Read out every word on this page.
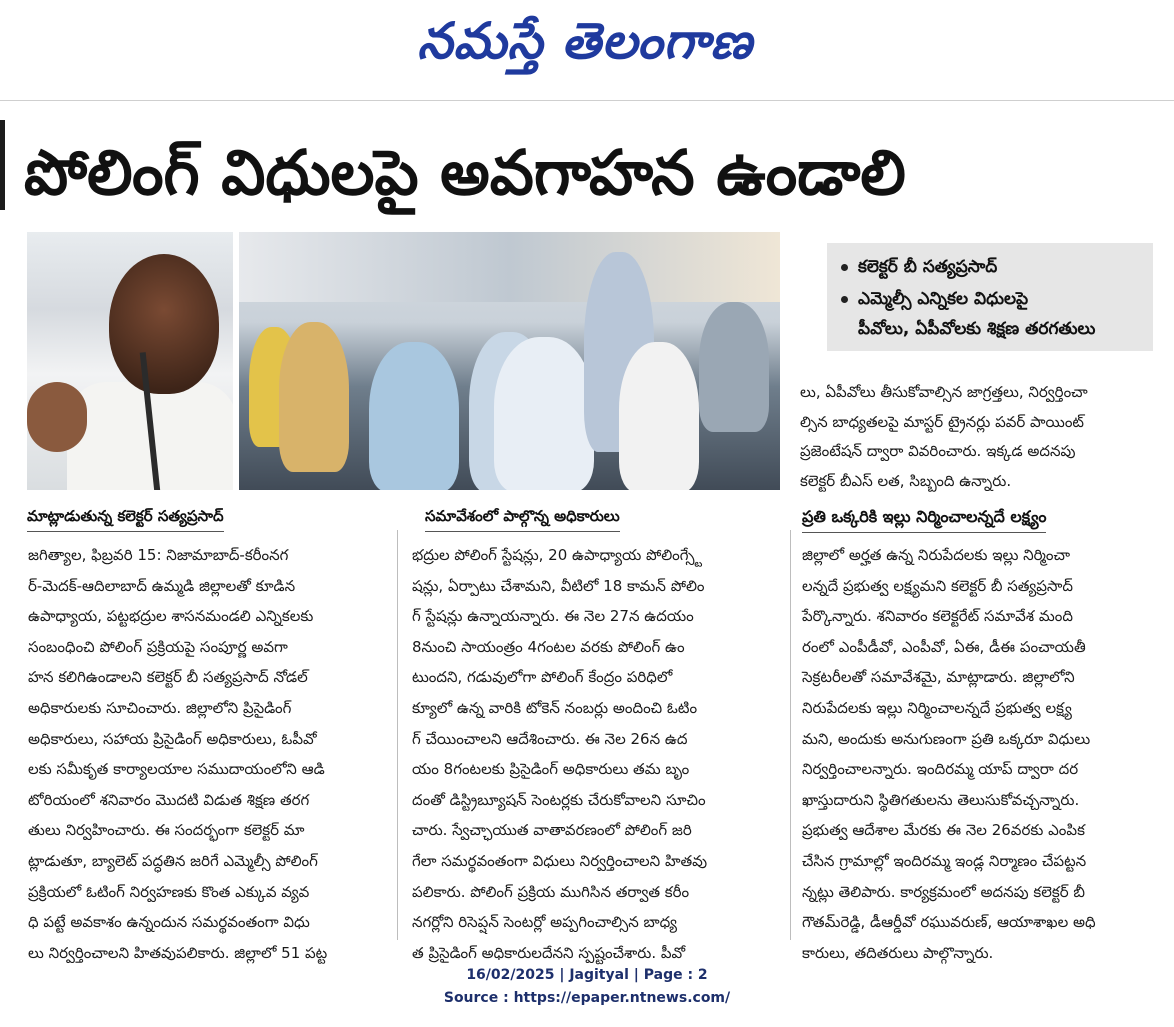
నమస్తే తెలంగాణ
పోలింగ్ విధులపై అవగాహన ఉండాలి
కలెక్టర్ బీ సత్యప్రసాద్
ఎమ్మెల్సీ ఎన్నికల విధులపై
పీవోలు, ఏపీవోలకు శిక్షణ తరగతులు

లు, ఏపీవోలు తీసుకోవాల్సిన జాగ్రత్తలు, నిర్వర్తించా

ల్సిన బాధ్యతలపై మాస్టర్ ట్రైనర్లు పవర్ పాయింట్

ప్రజెంటేషన్ ద్వారా వివరించారు. ఇక్కడ అదనపు

కలెక్టర్ బీఎస్ లత, సిబ్బంది ఉన్నారు.

మాట్లాడుతున్న కలెక్టర్ సత్యప్రసాద్	సమావేశంలో పాల్గొన్న అధికారులు	ప్రతి ఒక్కరికి ఇల్లు నిర్మించాలన్నదే లక్ష్యం

జగిత్యాల, ఫిబ్రవరి 15: నిజామాబాద్-కరీంనగ

ర్-మెదక్-ఆదిలాబాద్ ఉమ్మడి జిల్లాలతో కూడిన

ఉపాధ్యాయ, పట్టభద్రుల శాసనమండలి ఎన్నికలకు

సంబంధించి పోలింగ్ ప్రక్రియపై సంపూర్ణ అవగా

హన కలిగిఉండాలని కలెక్టర్ బీ సత్యప్రసాద్ నోడల్

అధికారులకు సూచించారు. జిల్లాలోని ప్రిసైడింగ్

అధికారులు, సహాయ ప్రిసైడింగ్ అధికారులు, ఓపీవో

లకు సమీకృత కార్యాలయాల సముదాయంలోని ఆడి

టోరియంలో శనివారం మొదటి విడుత శిక్షణ తరగ

తులు నిర్వహించారు. ఈ సందర్భంగా కలెక్టర్ మా

ట్లాడుతూ, బ్యాలెట్ పద్ధతిన జరిగే ఎమ్మెల్సీ పోలింగ్

ప్రక్రియలో ఓటింగ్ నిర్వహణకు కొంత ఎక్కువ వ్యవ

ధి పట్టే అవకాశం ఉన్నందున సమర్థవంతంగా విధు

లు నిర్వర్తించాలని హితవుపలికారు. జిల్లాలో 51 పట్ట

భద్రుల పోలింగ్ స్టేషన్లు, 20 ఉపాధ్యాయ పోలింగ్స్టే

షన్లు, ఏర్పాటు చేశామని, వీటిలో 18 కామన్ పోలిం

గ్ స్టేషన్లు ఉన్నాయన్నారు. ఈ నెల 27న ఉదయం

8నుంచి సాయంత్రం 4గంటల వరకు పోలింగ్ ఉం

టుందని, గడువులోగా పోలింగ్ కేంద్రం పరిధిలో

క్యూలో ఉన్న వారికి టోకెన్ నంబర్లు అందించి ఓటిం

గ్ చేయించాలని ఆదేశించారు. ఈ నెల 26న ఉద

యం 8గంటలకు ప్రిసైడింగ్ అధికారులు తమ బృం

దంతో డిస్ట్రిబ్యూషన్ సెంటర్లకు చేరుకోవాలని సూచిం

చారు. స్వేచ్ఛాయుత వాతావరణంలో పోలింగ్ జరి

గేలా సమర్థవంతంగా విధులు నిర్వర్తించాలని హితవు

పలికారు. పోలింగ్ ప్రక్రియ ముగిసిన తర్వాత కరీం

నగర్లోని రిసెప్షన్ సెంటర్లో అప్పగించాల్సిన బాధ్య

త ప్రిసైడింగ్ అధికారులదేనని స్పష్టంచేశారు. పీవో

జిల్లాలో అర్హత ఉన్న నిరుపేదలకు ఇల్లు నిర్మించా

లన్నదే ప్రభుత్వ లక్ష్యమని కలెక్టర్ బీ సత్యప్రసాద్

పేర్కొన్నారు. శనివారం కలెక్టరేట్ సమావేశ మంది

రంలో ఎంపీడీవో, ఎంపీవో, ఏఈ, డీఈ పంచాయతీ

సెక్రటరీలతో సమావేశమై, మాట్లాడారు. జిల్లాలోని

నిరుపేదలకు ఇల్లు నిర్మించాలన్నదే ప్రభుత్వ లక్ష్య

మని, అందుకు అనుగుణంగా ప్రతి ఒక్కరూ విధులు

నిర్వర్తించాలన్నారు. ఇందిరమ్మ యాప్ ద్వారా దర

ఖాస్తుదారుని స్థితిగతులను తెలుసుకోవచ్చన్నారు.

ప్రభుత్వ ఆదేశాల మేరకు ఈ నెల 26వరకు ఎంపిక

చేసిన గ్రామాల్లో ఇందిరమ్మ ఇండ్ల నిర్మాణం చేపట్టన

న్నట్లు తెలిపారు. కార్యక్రమంలో అదనపు కలెక్టర్ బీ

గౌతమ్‌రెడ్డి, డీఆర్డీవో రఘువరుణ్, ఆయాశాఖల అధి

కారులు, తదితరులు పాల్గొన్నారు.

16/02/2025 | Jagityal | Page : 2
Source : https://epaper.ntnews.com/
